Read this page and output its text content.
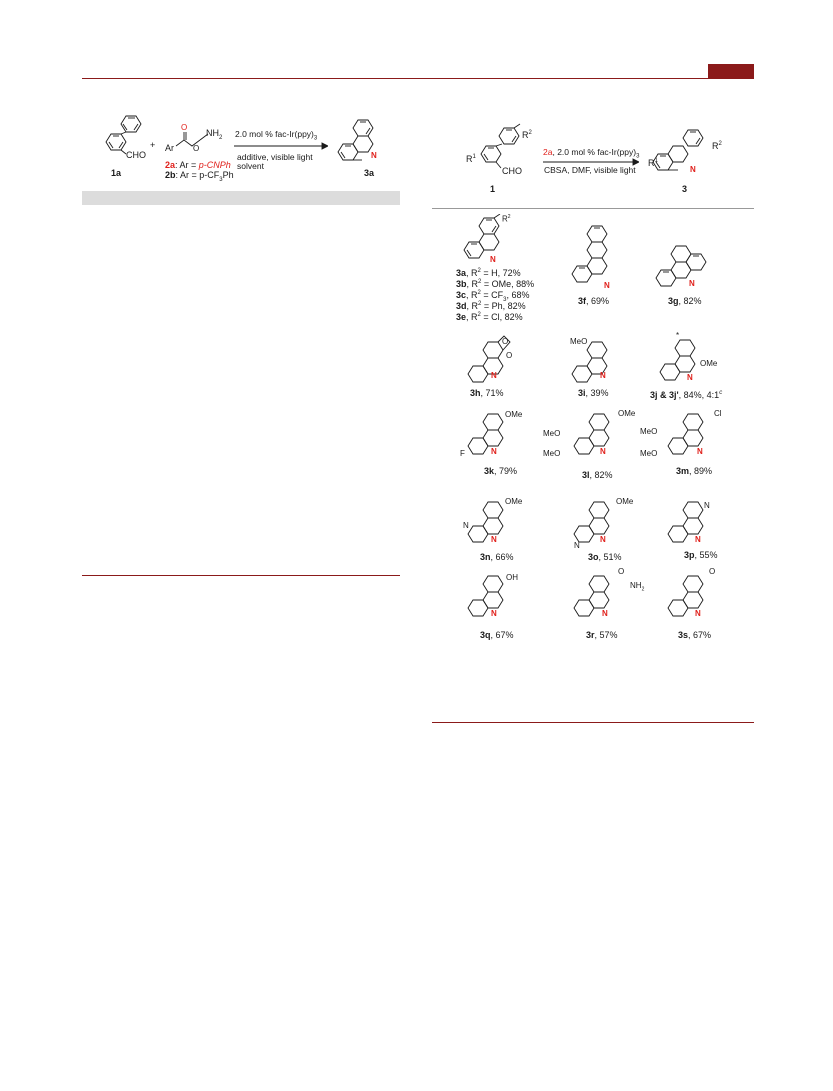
CHO
1a
+ Ar
O
O
$NH_2$
2a: Ar = p-CNPh
2b: $Ar = p-CF_3Ph$
2.0 mol % fac-$Ir(ppy)_3$
additive, visible light
solvent
N
3a
$R^2$
$R^1$
CHO
1
2a, 2.0 mol % fac-$Ir(ppy)_3$
CBSA, DMF, visible light
$R^2$
$R^1$
N
3
$R^2$
N
3a, $R^2 = H$, 72%
3b, $R^2$ = OMe, 88%
3c, $R^2 = CF_3$, 68%
3d, $R^2 = Ph$, 82%
3e, $R^2 = Cl$, 82%
N
3f, 69%
N
3g, 82%
O
O
N
3h, 71%
MeO
N
3i, 39%
*
OMe
N
3j & 3j', 84%, 4:1$^c$
OMe
F	N
3k, 79%
OMe
MeO
MeO	N
3l, 82%
Cl
MeO
MeO	N
3m, 89%
OMe
N
N
3n, 66%
OMe
N
N
3o, 51%
N
N
3p, 55%
OH
N
3q, 67%
O
$NH_2$
N
3r, 57%
O
N
3s, 67%
